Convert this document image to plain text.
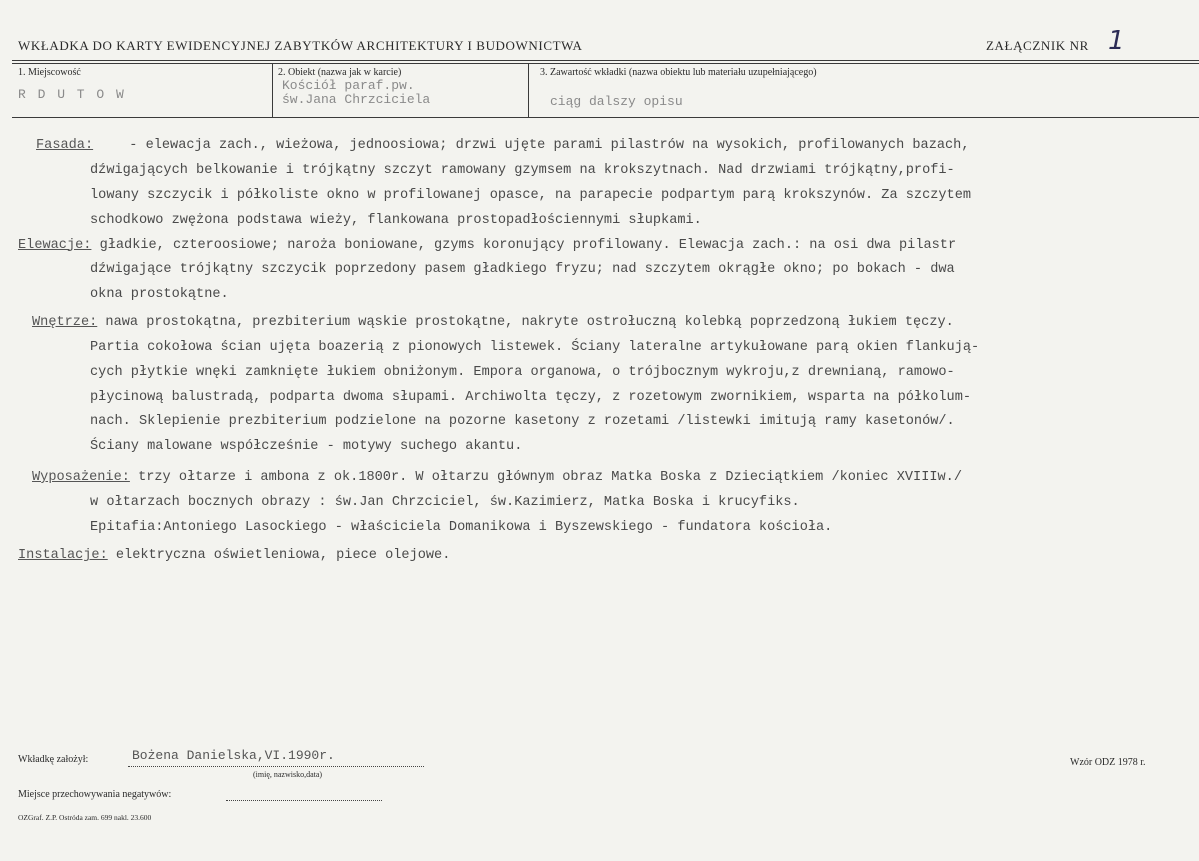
WKŁADKA DO KARTY EWIDENCYJNEJ ZABYTKÓW ARCHITEKTURY I BUDOWNICTWA	ZAŁĄCZNIK NR 1
1. Miejscowość
R D U T O W
2. Obiekt (nazwa jak w karcie)
Kościół paraf.pw.
św.Jana Chrzciciela
3. Zawartość wkładki (nazwa obiektu lub materiału uzupełniającego)
ciąg dalszy opisu

Fasada: - elewacja zach., wieżowa, jednoosiowa; drzwi ujęte parami pilastrów na wysokich, profilowanych bazach,

dźwigających belkowanie i trójkątny szczyt ramowany gzymsem na krokszytnach. Nad drzwiami trójkątny,profi-

lowany szczycik i półkoliste okno w profilowanej opasce, na parapecie podpartym parą krokszynów. Za szczytem

schodkowo zwężona podstawa wieży, flankowana prostopadłościennymi słupkami.

Elewacje: gładkie, czteroosiowe; naroża boniowane, gzyms koronujący profilowany. Elewacja zach.: na osi dwa pilastr

dźwigające trójkątny szczycik poprzedony pasem gładkiego fryzu; nad szczytem okrągłe okno; po bokach - dwa

okna prostokątne.

Wnętrze: nawa prostokątna, prezbiterium wąskie prostokątne, nakryte ostrołuczną kolebką poprzedzoną łukiem tęczy.

Partia cokołowa ścian ujęta boazerią z pionowych listewek. Ściany lateralne artykułowane parą okien flankują-

cych płytkie wnęki zamknięte łukiem obniżonym. Empora organowa, o trójbocznym wykroju,z drewnianą, ramowo-

płycinową balustradą, podparta dwoma słupami. Archiwolta tęczy, z rozetowym zwornikiem, wsparta na półkolum-

nach. Sklepienie prezbiterium podzielone na pozorne kasetony z rozetami /listewki imitują ramy kasetonów/.

Ściany malowane współcześnie - motywy suchego akantu.

Wyposażenie: trzy ołtarze i ambona z ok.1800r. W ołtarzu głównym obraz Matka Boska z Dzieciątkiem /koniec XVIIIw./

w ołtarzach bocznych obrazy : św.Jan Chrzciciel, św.Kazimierz, Matka Boska i krucyfiks.

Epitafia:Antoniego Lasockiego - właściciela Domanikowa i Byszewskiego - fundatora kościoła.

Instalacje: elektryczna oświetleniowa, piece olejowe.

Wkładkę założył:	Bożena Danielska,VI.1990r.
(imię, nazwisko,data)
Wzór ODZ 1978 r.
Miejsce przechowywania negatywów:
OZGraf. Z.P. Ostróda zam. 699 nakl. 23.600
